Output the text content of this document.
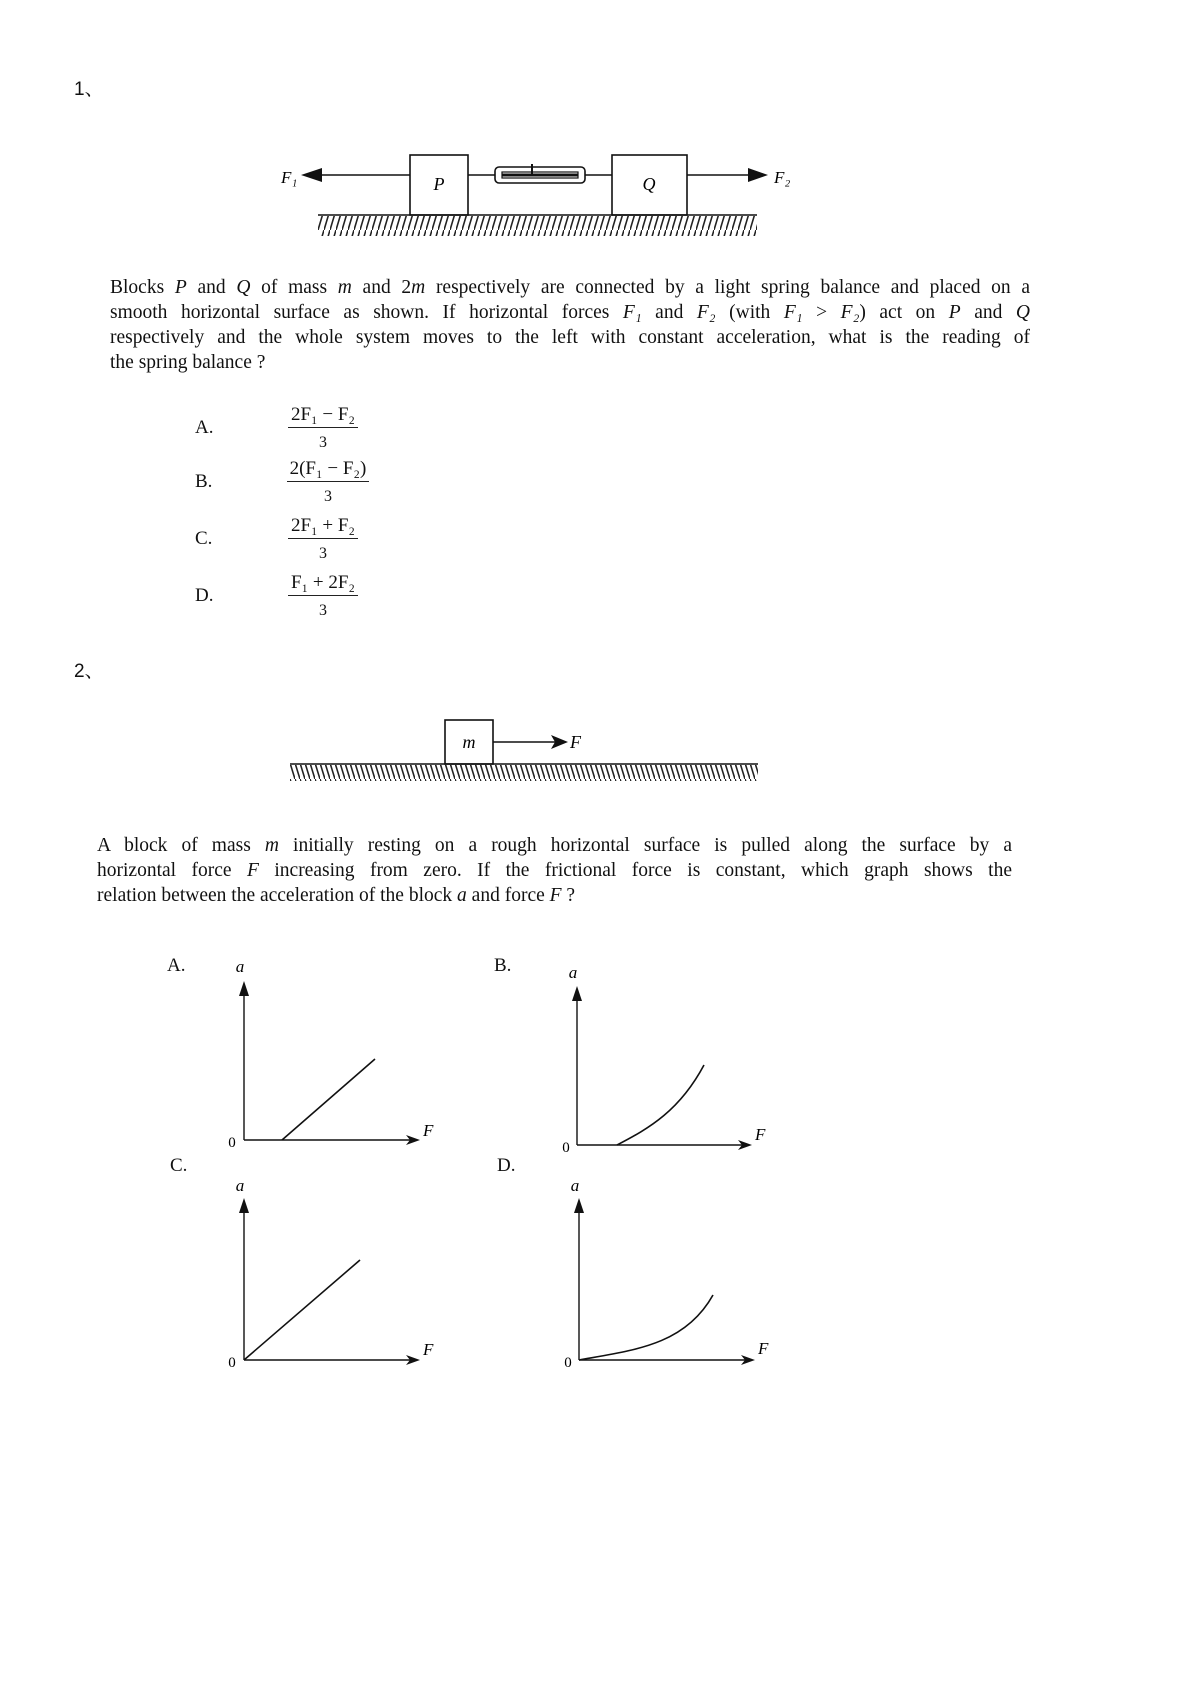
1、
F₁	P	Q	F₂
Blocks P and Q of mass m and 2m respectively are connected by a light spring balance and placed on a
smooth horizontal surface as shown. If horizontal forces F₁ and F₂ (with F₁ > F₂) act on P and Q
respectively and the whole system moves to the left with constant acceleration, what is the reading of
the spring balance ?
A.
2F₁ − F₂
3
B.
2(F₁ − F₂)
3
C.
2F₁ + F₂
3
D.
F₁ + 2F₂
3
2、
m	F
A block of mass m initially resting on a rough horizontal surface is pulled along the surface by a
horizontal force F increasing from zero. If the frictional force is constant, which graph shows the
relation between the acceleration of the block a and force F ?
A.	a
F
0
B.	a
F
0
C.
a
F
0
D.
a
F
0
